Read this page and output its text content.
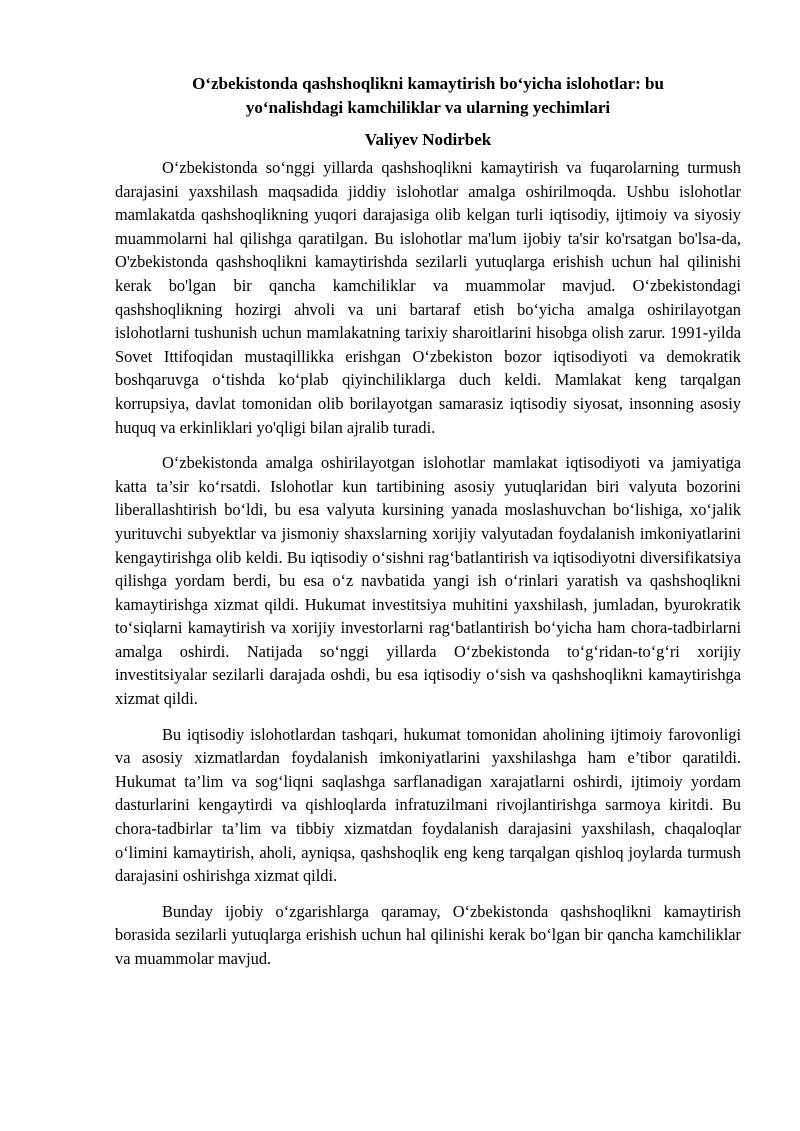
O‘zbekistonda qashshoqlikni kamaytirish bo‘yicha islohotlar: bu yo‘nalishdagi kamchiliklar va ularning yechimlari
Valiyev Nodirbek

O‘zbekistonda so‘nggi yillarda qashshoqlikni kamaytirish va fuqarolarning turmush darajasini yaxshilash maqsadida jiddiy islohotlar amalga oshirilmoqda. Ushbu islohotlar mamlakatda qashshoqlikning yuqori darajasiga olib kelgan turli iqtisodiy, ijtimoiy va siyosiy muammolarni hal qilishga qaratilgan. Bu islohotlar ma'lum ijobiy ta'sir ko'rsatgan bo'lsa-da, O'zbekistonda qashshoqlikni kamaytirishda sezilarli yutuqlarga erishish uchun hal qilinishi kerak bo'lgan bir qancha kamchiliklar va muammolar mavjud. O‘zbekistondagi qashshoqlikning hozirgi ahvoli va uni bartaraf etish bo‘yicha amalga oshirilayotgan islohotlarni tushunish uchun mamlakatning tarixiy sharoitlarini hisobga olish zarur. 1991-yilda Sovet Ittifoqidan mustaqillikka erishgan O‘zbekiston bozor iqtisodiyoti va demokratik boshqaruvga o‘tishda ko‘plab qiyinchiliklarga duch keldi. Mamlakat keng tarqalgan korrupsiya, davlat tomonidan olib borilayotgan samarasiz iqtisodiy siyosat, insonning asosiy huquq va erkinliklari yo'qligi bilan ajralib turadi.

O‘zbekistonda amalga oshirilayotgan islohotlar mamlakat iqtisodiyoti va jamiyatiga katta ta’sir ko‘rsatdi. Islohotlar kun tartibining asosiy yutuqlaridan biri valyuta bozorini liberallashtirish bo‘ldi, bu esa valyuta kursining yanada moslashuvchan bo‘lishiga, xo‘jalik yurituvchi subyektlar va jismoniy shaxslarning xorijiy valyutadan foydalanish imkoniyatlarini kengaytirishga olib keldi. Bu iqtisodiy o‘sishni rag‘batlantirish va iqtisodiyotni diversifikatsiya qilishga yordam berdi, bu esa o‘z navbatida yangi ish o‘rinlari yaratish va qashshoqlikni kamaytirishga xizmat qildi. Hukumat investitsiya muhitini yaxshilash, jumladan, byurokratik to‘siqlarni kamaytirish va xorijiy investorlarni rag‘batlantirish bo‘yicha ham chora-tadbirlarni amalga oshirdi. Natijada so‘nggi yillarda O‘zbekistonda to‘g‘ridan-to‘g‘ri xorijiy investitsiyalar sezilarli darajada oshdi, bu esa iqtisodiy o‘sish va qashshoqlikni kamaytirishga xizmat qildi.

Bu iqtisodiy islohotlardan tashqari, hukumat tomonidan aholining ijtimoiy farovonligi va asosiy xizmatlardan foydalanish imkoniyatlarini yaxshilashga ham e’tibor qaratildi. Hukumat ta’lim va sog‘liqni saqlashga sarflanadigan xarajatlarni oshirdi, ijtimoiy yordam dasturlarini kengaytirdi va qishloqlarda infratuzilmani rivojlantirishga sarmoya kiritdi. Bu chora-tadbirlar ta’lim va tibbiy xizmatdan foydalanish darajasini yaxshilash, chaqaloqlar o‘limini kamaytirish, aholi, ayniqsa, qashshoqlik eng keng tarqalgan qishloq joylarda turmush darajasini oshirishga xizmat qildi.

Bunday ijobiy o‘zgarishlarga qaramay, O‘zbekistonda qashshoqlikni kamaytirish borasida sezilarli yutuqlarga erishish uchun hal qilinishi kerak bo‘lgan bir qancha kamchiliklar va muammolar mavjud.
